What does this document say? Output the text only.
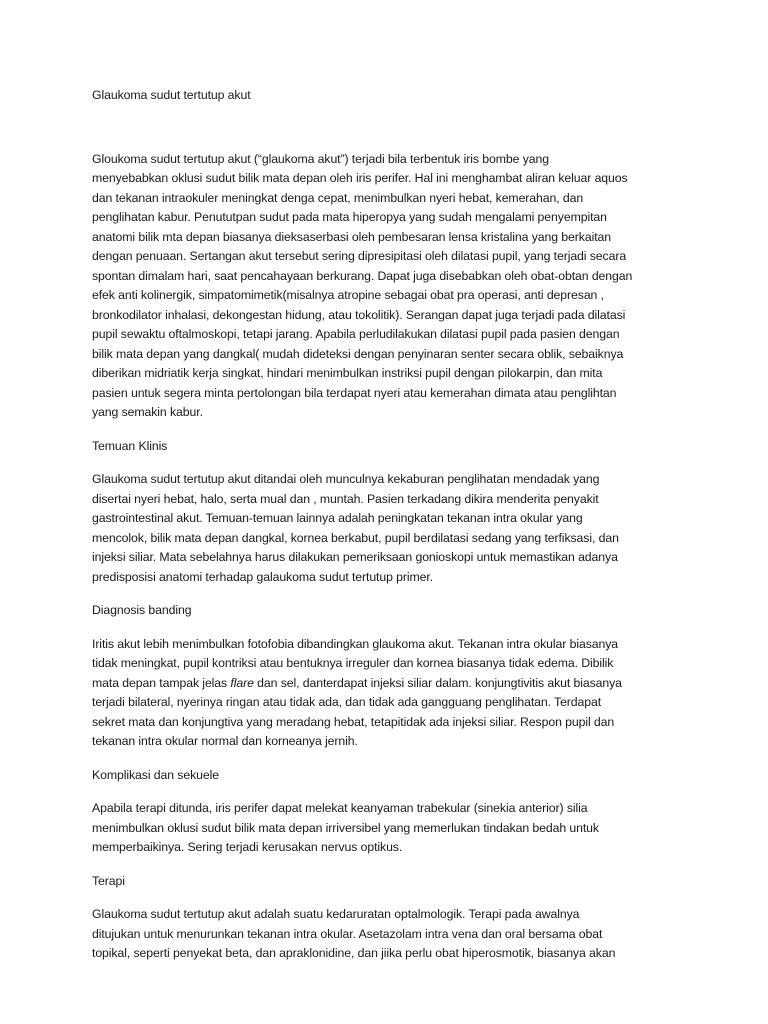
Glaukoma sudut tertutup akut
Gloukoma sudut tertutup akut (“glaukoma akut”) terjadi bila terbentuk iris bombe yang
menyebabkan oklusi sudut bilik mata depan oleh iris perifer. Hal ini menghambat aliran keluar aquos
dan tekanan intraokuler meningkat denga cepat, menimbulkan nyeri hebat, kemerahan, dan
penglihatan kabur. Penututpan sudut pada mata hiperopya yang sudah mengalami penyempitan
anatomi bilik mta depan biasanya dieksaserbasi oleh pembesaran lensa kristalina yang berkaitan
dengan penuaan. Sertangan akut tersebut sering dipresipitasi oleh dilatasi pupil, yang terjadi secara
spontan dimalam hari, saat pencahayaan berkurang. Dapat juga disebabkan oleh obat-obtan dengan
efek anti kolinergik, simpatomimetik(misalnya atropine sebagai obat pra operasi, anti depresan ,
bronkodilator inhalasi, dekongestan hidung, atau tokolitik). Serangan dapat juga terjadi pada dilatasi
pupil sewaktu oftalmoskopi, tetapi jarang. Apabila perludilakukan dilatasi pupil pada pasien dengan
bilik mata depan yang dangkal( mudah dideteksi dengan penyinaran senter secara oblik, sebaiknya
diberikan midriatik kerja singkat, hindari menimbulkan instriksi pupil dengan pilokarpin, dan mita
pasien untuk segera minta pertolongan bila terdapat nyeri atau kemerahan dimata atau penglihtan
yang semakin kabur.
Temuan Klinis
Glaukoma sudut tertutup akut ditandai oleh munculnya kekaburan penglihatan mendadak yang
disertai nyeri hebat, halo, serta mual dan , muntah. Pasien terkadang dikira menderita penyakit
gastrointestinal akut. Temuan-temuan lainnya adalah peningkatan tekanan intra okular yang
mencolok, bilik mata depan dangkal, kornea berkabut, pupil berdilatasi sedang yang terfiksasi, dan
injeksi siliar. Mata sebelahnya harus dilakukan pemeriksaan gonioskopi untuk memastikan adanya
predisposisi anatomi terhadap galaukoma sudut tertutup primer.
Diagnosis banding
Iritis akut lebih menimbulkan fotofobia dibandingkan glaukoma akut. Tekanan intra okular biasanya
tidak meningkat, pupil kontriksi atau bentuknya irreguler dan kornea biasanya tidak edema. Dibilik
mata depan tampak jelas flare dan sel, danterdapat injeksi siliar dalam. konjungtivitis akut biasanya
terjadi bilateral, nyerinya ringan atau tidak ada, dan tidak ada gangguang penglihatan. Terdapat
sekret mata dan konjungtiva yang meradang hebat, tetapitidak ada injeksi siliar. Respon pupil dan
tekanan intra okular normal dan korneanya jernih.
Komplikasi dan sekuele
Apabila terapi ditunda, iris perifer dapat melekat keanyaman trabekular (sinekia anterior) silia
menimbulkan oklusi sudut bilik mata depan irriversibel yang memerlukan tindakan bedah untuk
memperbaikinya. Sering terjadi kerusakan nervus optikus.
Terapi
Glaukoma sudut tertutup akut adalah suatu kedaruratan optalmologik. Terapi pada awalnya
ditujukan untuk menurunkan tekanan intra okular. Asetazolam intra vena dan oral bersama obat
topikal, seperti penyekat beta, dan apraklonidine, dan jiika perlu obat hiperosmotik, biasanya akan
